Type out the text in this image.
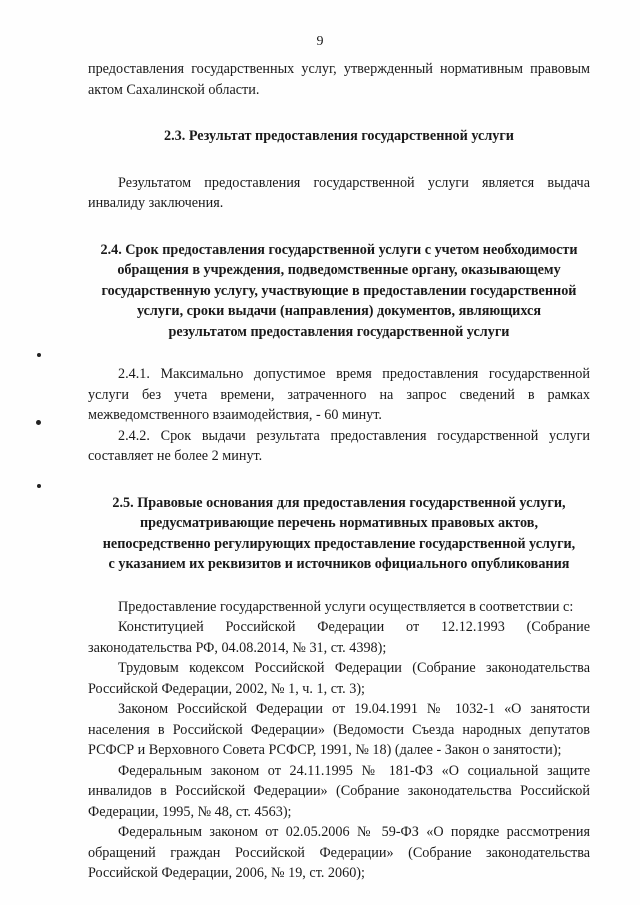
9

предоставления государственных услуг, утвержденный нормативным правовым актом Сахалинской области.

2.3. Результат предоставления государственной услуги

Результатом предоставления государственной услуги является выдача инвалиду заключения.

2.4. Срок предоставления государственной услуги с учетом необходимости обращения в учреждения, подведомственные органу, оказывающему государственную услугу, участвующие в предоставлении государственной услуги, сроки выдачи (направления) документов, являющихся результатом предоставления государственной услуги

2.4.1. Максимально допустимое время предоставления государственной услуги без учета времени, затраченного на запрос сведений в рамках межведомственного взаимодействия, - 60 минут.

2.4.2. Срок выдачи результата предоставления государственной услуги составляет не более 2 минут.

2.5. Правовые основания для предоставления государственной услуги, предусматривающие перечень нормативных правовых актов, непосредственно регулирующих предоставление государственной услуги, с указанием их реквизитов и источников официального опубликования

Предоставление государственной услуги осуществляется в соответствии с:

Конституцией Российской Федерации от 12.12.1993 (Собрание законодательства РФ, 04.08.2014, № 31, ст. 4398);

Трудовым кодексом Российской Федерации (Собрание законодательства Российской Федерации, 2002, № 1, ч. 1, ст. 3);

Законом Российской Федерации от 19.04.1991 № 1032-1 «О занятости населения в Российской Федерации» (Ведомости Съезда народных депутатов РСФСР и Верховного Совета РСФСР, 1991, № 18) (далее - Закон о занятости);

Федеральным законом от 24.11.1995 № 181-ФЗ «О социальной защите инвалидов в Российской Федерации» (Собрание законодательства Российской Федерации, 1995, № 48, ст. 4563);

Федеральным законом от 02.05.2006 № 59-ФЗ «О порядке рассмотрения обращений граждан Российской Федерации» (Собрание законодательства Российской Федерации, 2006, № 19, ст. 2060);
